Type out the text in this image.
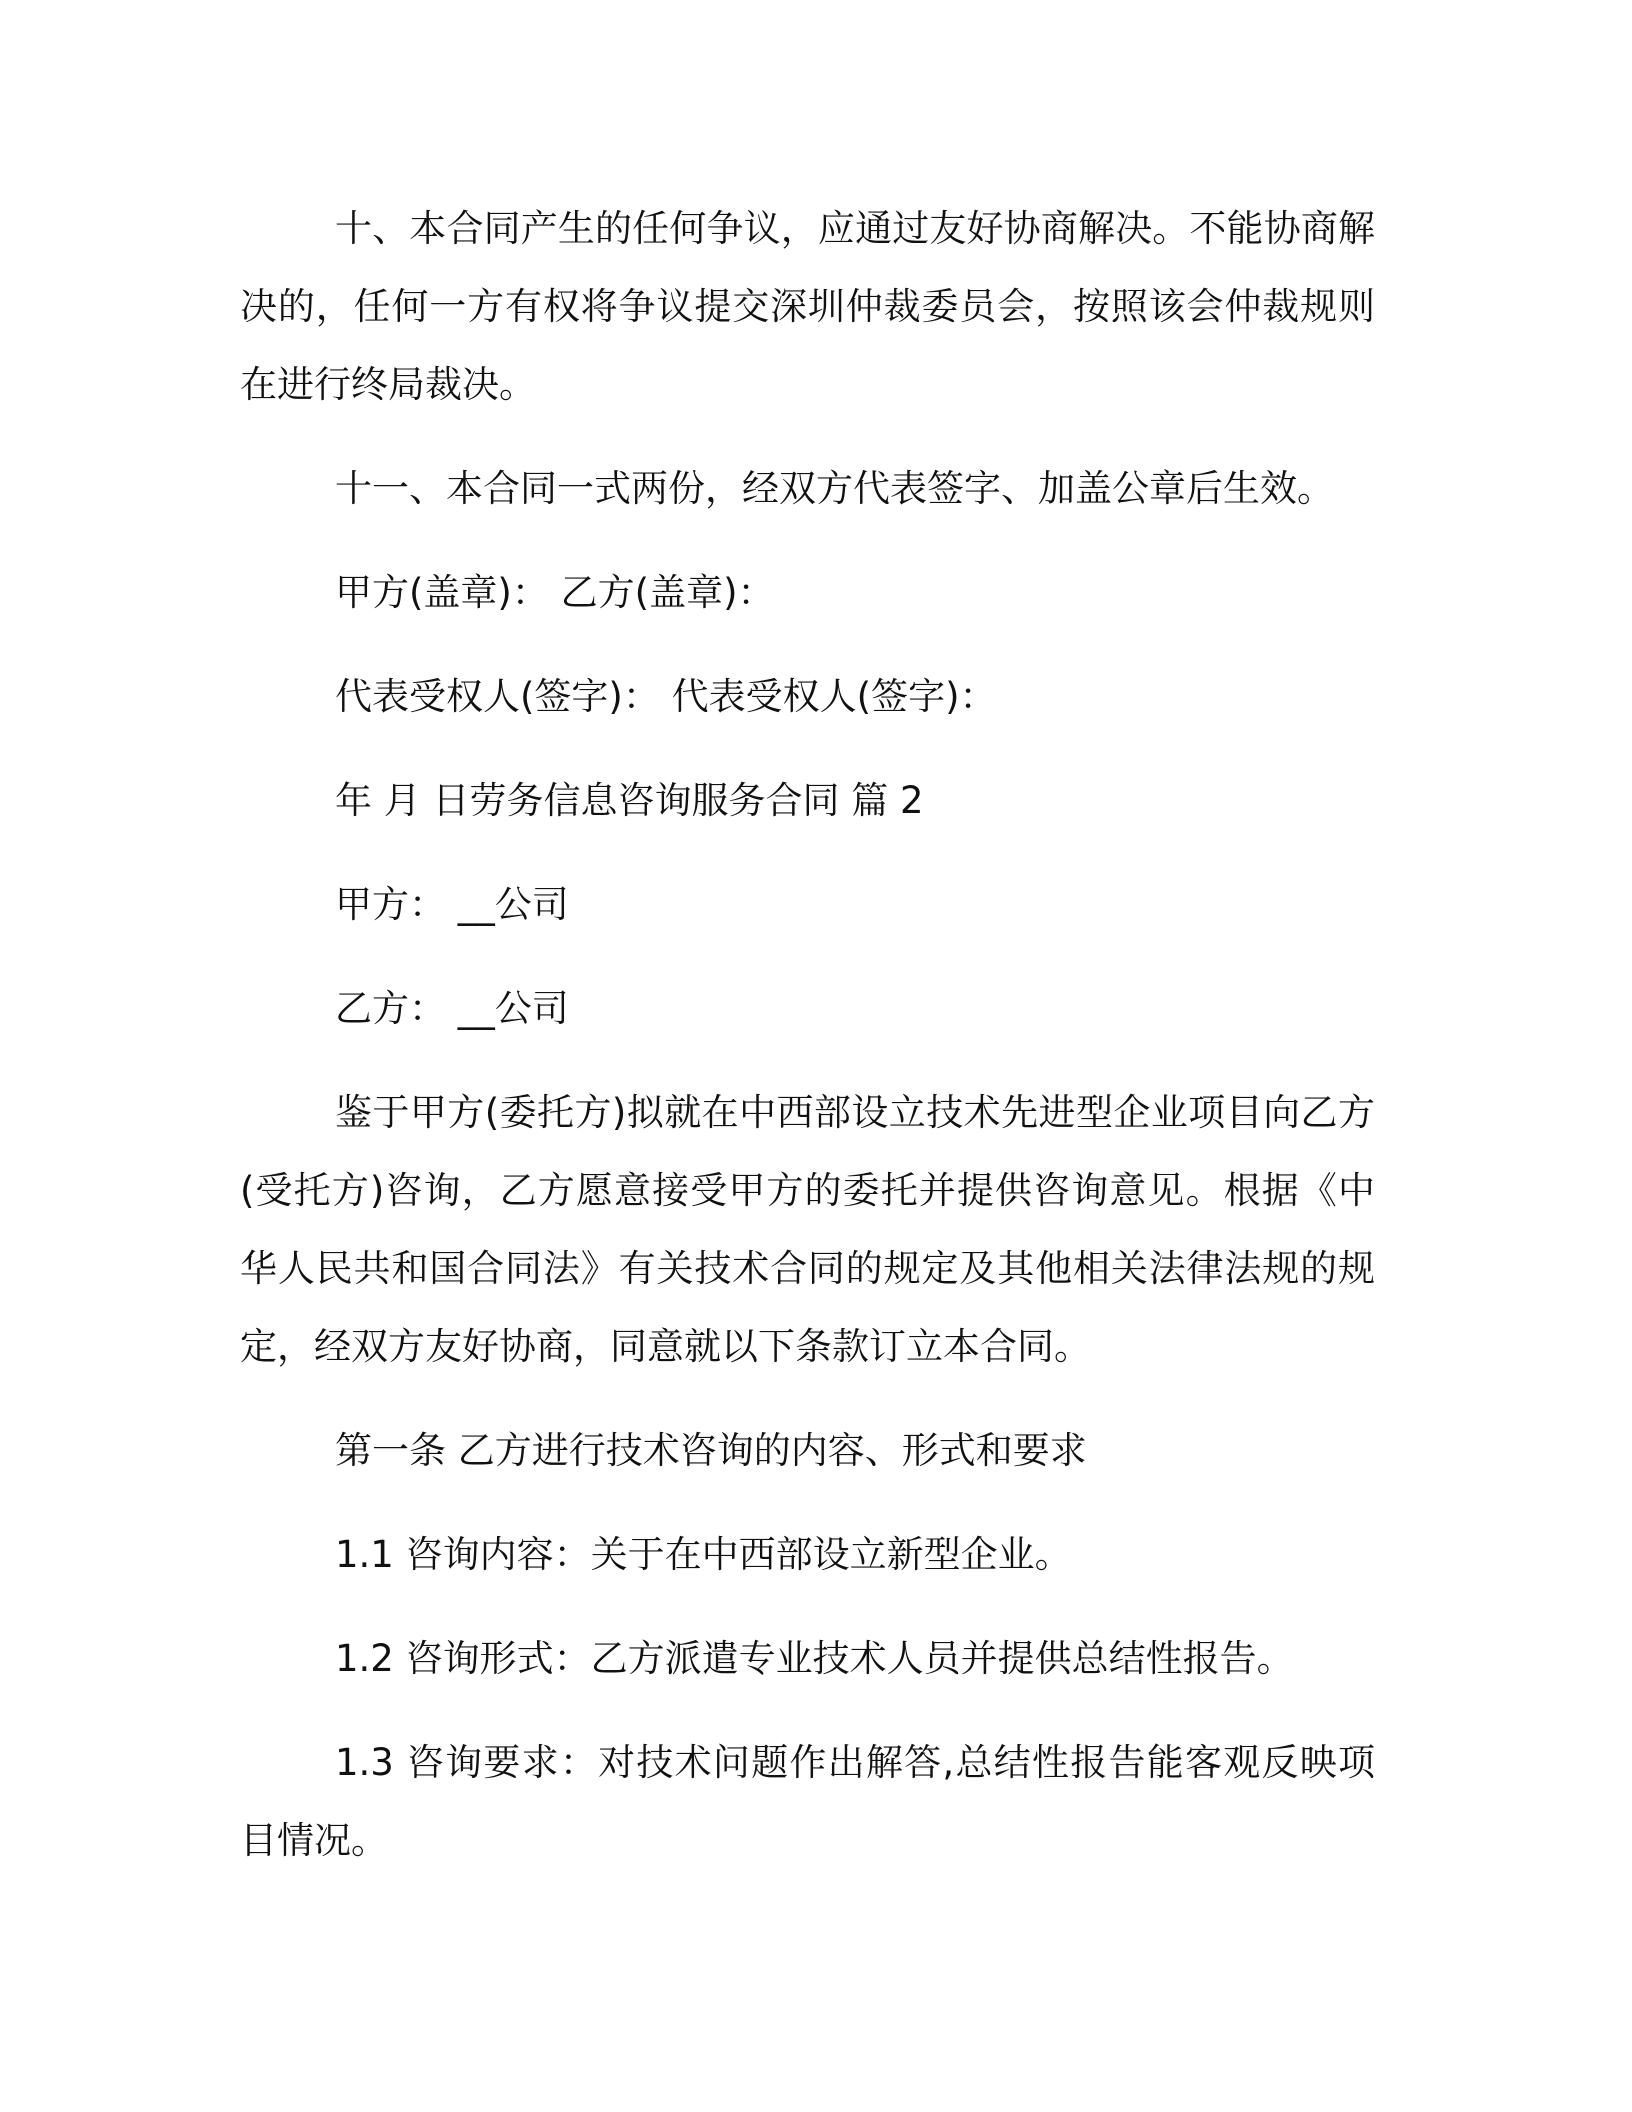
十、本合同产生的任何争议，应通过友好协商解决。不能协商解决的，任何一方有权将争议提交深圳仲裁委员会，按照该会仲裁规则在进行终局裁决。

十一、本合同一式两份，经双方代表签字、加盖公章后生效。

甲方(盖章)： 乙方(盖章)：

代表受权人(签字)： 代表受权人(签字)：

年 月 日劳务信息咨询服务合同 篇 2

甲方： __公司

乙方： __公司

鉴于甲方(委托方)拟就在中西部设立技术先进型企业项目向乙方(受托方)咨询，乙方愿意接受甲方的委托并提供咨询意见。根据《中华人民共和国合同法》有关技术合同的规定及其他相关法律法规的规定，经双方友好协商，同意就以下条款订立本合同。

第一条 乙方进行技术咨询的内容、形式和要求

1.1 咨询内容：关于在中西部设立新型企业。

1.2 咨询形式：乙方派遣专业技术人员并提供总结性报告。

1.3 咨询要求：对技术问题作出解答,总结性报告能客观反映项目情况。
